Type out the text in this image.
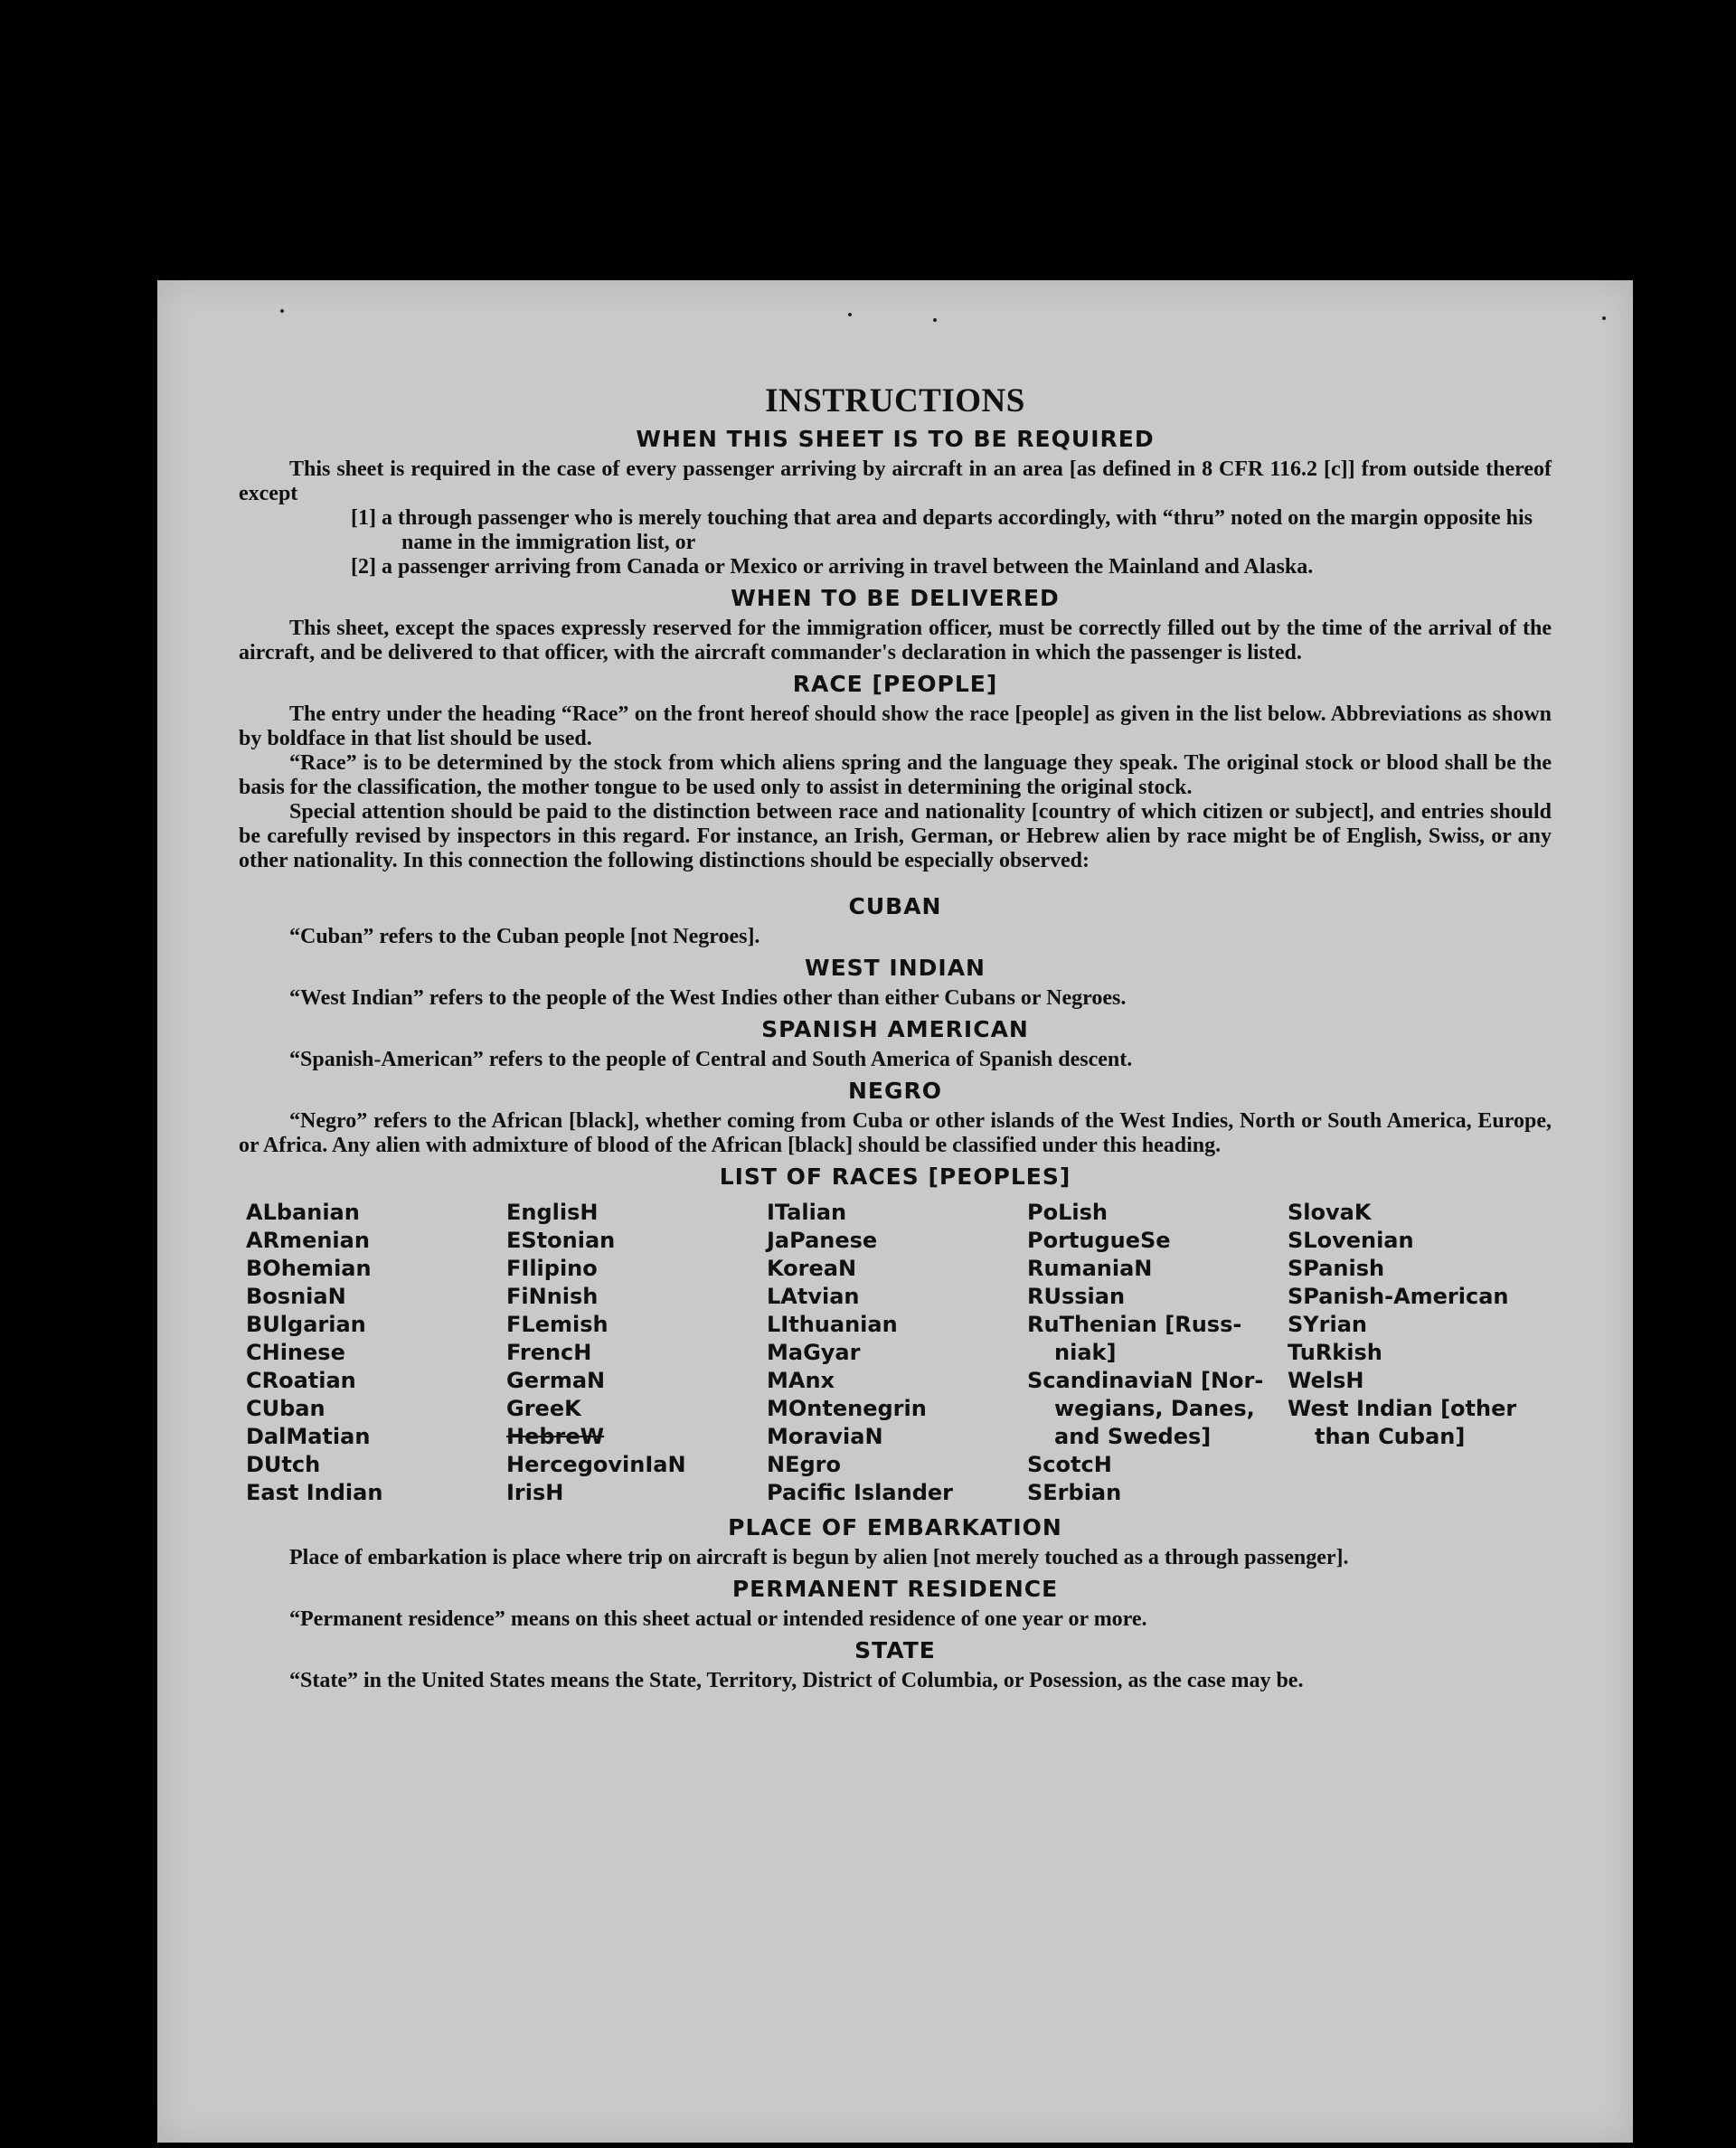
INSTRUCTIONS
WHEN THIS SHEET IS TO BE REQUIRED

This sheet is required in the case of every passenger arriving by aircraft in an area [as defined in 8 CFR 116.2 [c]] from outside thereof except

[1] a through passenger who is merely touching that area and departs accordingly, with “thru” noted on the margin opposite his name in the immigration list, or
[2] a passenger arriving from Canada or Mexico or arriving in travel between the Mainland and Alaska.
WHEN TO BE DELIVERED

This sheet, except the spaces expressly reserved for the immigration officer, must be correctly filled out by the time of the arrival of the aircraft, and be delivered to that officer, with the aircraft commander's declaration in which the passenger is listed.

RACE [PEOPLE]

The entry under the heading “Race” on the front hereof should show the race [people] as given in the list below. Abbreviations as shown by boldface in that list should be used.

“Race” is to be determined by the stock from which aliens spring and the language they speak. The original stock or blood shall be the basis for the classification, the mother tongue to be used only to assist in determining the original stock.

Special attention should be paid to the distinction between race and nationality [country of which citizen or subject], and entries should be carefully revised by inspectors in this regard. For instance, an Irish, German, or Hebrew alien by race might be of English, Swiss, or any other nationality. In this connection the following distinctions should be especially observed:

CUBAN

“Cuban” refers to the Cuban people [not Negroes].

WEST INDIAN

“West Indian” refers to the people of the West Indies other than either Cubans or Negroes.

SPANISH AMERICAN

“Spanish-American” refers to the people of Central and South America of Spanish descent.

NEGRO

“Negro” refers to the African [black], whether coming from Cuba or other islands of the West Indies, North or South America, Europe, or Africa. Any alien with admixture of blood of the African [black] should be classified under this heading.

LIST OF RACES [PEOPLES]
ALbanian
ARmenian
BOhemian
BosniaN
BUlgarian
CHinese
CRoatian
CUban
DalMatian
DUtch
East Indian
EnglisH
EStonian
FIlipino
FiNnish
FLemish
FrencH
GermaN
GreeK
HebreW
HercegovinIaN
IrisH
ITalian
JaPanese
KoreaN
LAtvian
LIthuanian
MaGyar
MAnx
MOntenegrin
MoraviaN
NEgro
Pacific Islander
PoLish
PortugueSe
RumaniaN
RUssian
RuThenian [Russ-
niak]
ScandinaviaN [Nor-
wegians, Danes,
and Swedes]
ScotcH
SErbian
SlovaK
SLovenian
SPanish
SPanish-American
SYrian
TuRkish
WelsH
West Indian [other
than Cuban]
PLACE OF EMBARKATION

Place of embarkation is place where trip on aircraft is begun by alien [not merely touched as a through passenger].

PERMANENT RESIDENCE

“Permanent residence” means on this sheet actual or intended residence of one year or more.

STATE

“State” in the United States means the State, Territory, District of Columbia, or Posession, as the case may be.
